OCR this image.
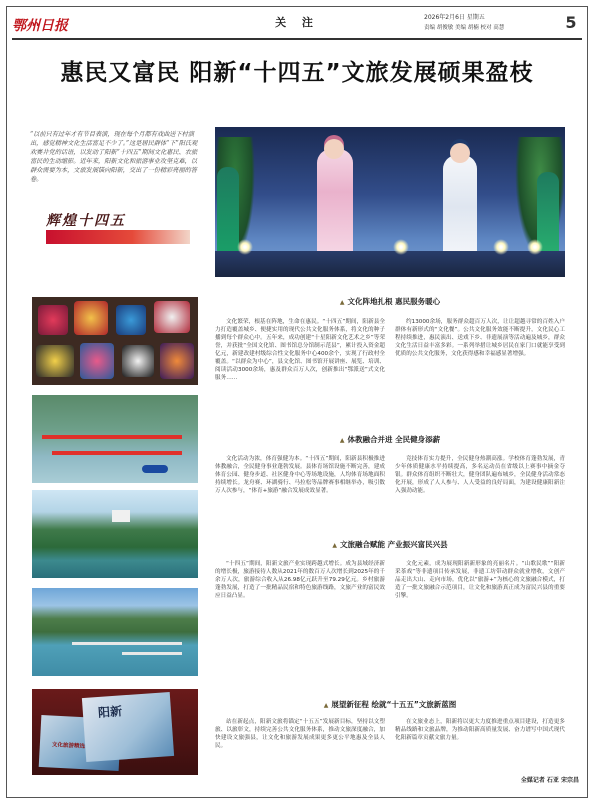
鄂州日报	关 注	2026年2月6日 星期五
责编 胡俊敏 美编 胡楠 校对 高慧	5
惠民又富民 阳新“十四五”文旅发展硕果盈枝
“以前只有过年才有节目表演，现在每个月都有戏曲送下村演出，感觉精神文化生活富足不少了。”这是居民群体“下”阳氏观欢赛井党的话语，以发动了阳新“十四五”期间文化惠民、农旅富民的生动缩影。近年来，阳新文化和旅游事业攻坚克难，以群众需要为本，文旅发展锚向阳新，交出了一份精彩亮丽的答卷。
辉煌十四五
阳新
文化旅游精选
▲ 文化阵地扎根 惠民服务暖心
文化繁荣，根基在阵地，生命在惠民。“十四五”期间，阳新县全力打造覆盖城乡、便捷实用的现代公共文化服务体系，将文化的种子播到每个群众心中。五年来，成功创建“十星阳新文化艺术之乡”等荣誉，并获批“全国文化馆、图书馆总分馆制示范县”，累计投入资金超亿元，新建改建村级综合性文化服务中心400余个，实现了行政村全覆盖。“以群众为中心”，县文化馆、图书馆开展讲座、展览、培训、阅读活动3000余场，惠及群众百万人次，创新推出“鄂派送”式文化服务……
约13000余场，服务群众超百万人次，让让超越寻常的百姓入户群体有新形式的“文化餐”。公共文化服务效能不断提升，文化民心工程持续推进，惠民演出、送戏下乡、非遗展演等活动遍及城乡，群众文化生活日益丰富多彩。一系列举措让城乡居民在家门口就能享受到优质的公共文化服务，文化获得感和幸福感显著增强。
▲ 体教融合并进 全民健身添薪
文化活动为浓，体育强健为本。“十四五”期间，阳新县积极推进体教融合，全民健身事业蓬勃发展。县体育场馆设施不断完善，建成体育公园、健身步道、社区健身中心等场地设施，人均体育场地面积持续增长。龙舟赛、环湖骑行、马拉松等品牌赛事相继举办，吸引数万人次参与，“体育+旅游”融合发展成效显著。
竞技体育实力提升，全民健身热潮高涨。学校体育蓬勃发展，青少年体质健康水平持续提高，多名运动员在省级以上赛事中摘金夺银。群众体育组织不断壮大，健身团队遍布城乡，全民健身活动常态化开展，形成了人人参与、人人受益的良好局面，为建设健康阳新注入强劲动能。
▲ 文旅融合赋能 产业振兴富民兴县
“十四五”期间，阳新文旅产业实现跨越式增长。成为县域经济新的增长极，旅游接待人数从2021年的数百万人次增长到2025年的千余万人次，旅游综合收入从26.98亿元跃升至79.29亿元。乡村旅游蓬勃发展，打造了一批精品民宿和特色旅游线路，文旅产业的富民效应日益凸显。
文化元素，成为展现阳新新形象的亮丽名片。“山歌民歌”“阳新采茶戏”等非遗项目传承发展，非遗工坊带动群众就业增收，文创产品走出大山、走向市场。优化以“旅游+”为核心的文旅融合模式，打造了一批文旅融合示范项目，让文化和旅游真正成为富民兴县的重要引擎。
▲ 展望新征程 绘就“十五五”文旅新蓝图
站在新起点，阳新文旅将锚定“十五五”发展新目标，坚持以文塑旅、以旅彰文，持续完善公共文化服务体系，推动文旅深度融合，加快建设文旅强县，让文化和旅游发展成果更多更公平地惠及全县人民。
在文旅业态上，阳新将以更大力度推进重点项目建设，打造更多精品线路和文旅品牌，为推动阳新高质量发展、奋力谱写中国式现代化阳新篇章贡献文旅力量。
全媒记者 石亚 宋宗昌
